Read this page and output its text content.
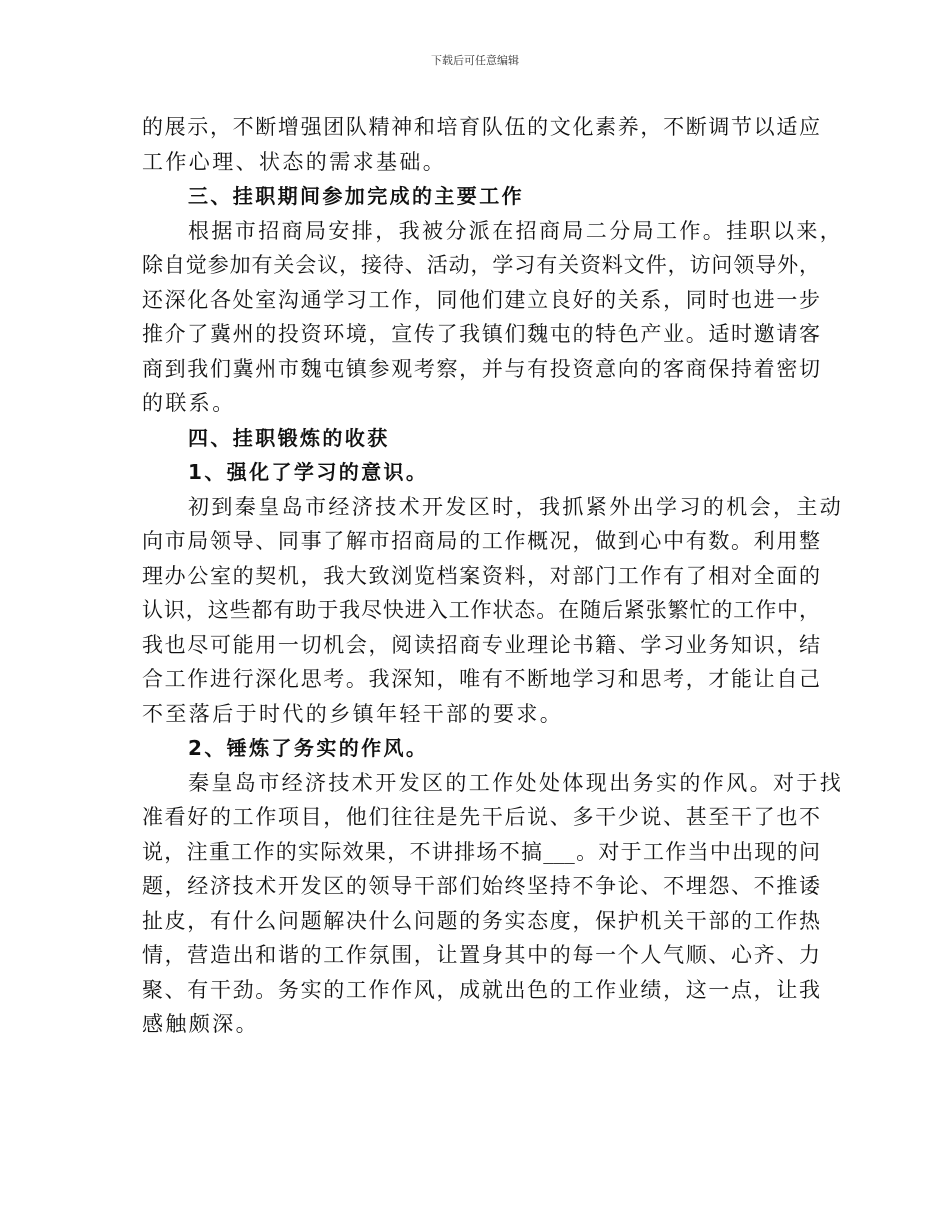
下载后可任意编辑
的展示，不断增强团队精神和培育队伍的文化素养，不断调节以适应
工作心理、状态的需求基础。
三、挂职期间参加完成的主要工作
根据市招商局安排，我被分派在招商局二分局工作。挂职以来，
除自觉参加有关会议，接待、活动，学习有关资料文件，访问领导外，
还深化各处室沟通学习工作，同他们建立良好的关系，同时也进一步
推介了冀州的投资环境，宣传了我镇们魏屯的特色产业。适时邀请客
商到我们冀州市魏屯镇参观考察，并与有投资意向的客商保持着密切
的联系。
四、挂职锻炼的收获
1、强化了学习的意识。
初到秦皇岛市经济技术开发区时，我抓紧外出学习的机会，主动
向市局领导、同事了解市招商局的工作概况，做到心中有数。利用整
理办公室的契机，我大致浏览档案资料，对部门工作有了相对全面的
认识，这些都有助于我尽快进入工作状态。在随后紧张繁忙的工作中，
我也尽可能用一切机会，阅读招商专业理论书籍、学习业务知识，结
合工作进行深化思考。我深知，唯有不断地学习和思考，才能让自己
不至落后于时代的乡镇年轻干部的要求。
2、锤炼了务实的作风。
秦皇岛市经济技术开发区的工作处处体现出务实的作风。对于找
准看好的工作项目，他们往往是先干后说、多干少说、甚至干了也不
说，注重工作的实际效果，不讲排场不搞___。对于工作当中出现的问
题，经济技术开发区的领导干部们始终坚持不争论、不埋怨、不推诿
扯皮，有什么问题解决什么问题的务实态度，保护机关干部的工作热
情，营造出和谐的工作氛围，让置身其中的每一个人气顺、心齐、力
聚、有干劲。务实的工作作风，成就出色的工作业绩，这一点，让我
感触颇深。
